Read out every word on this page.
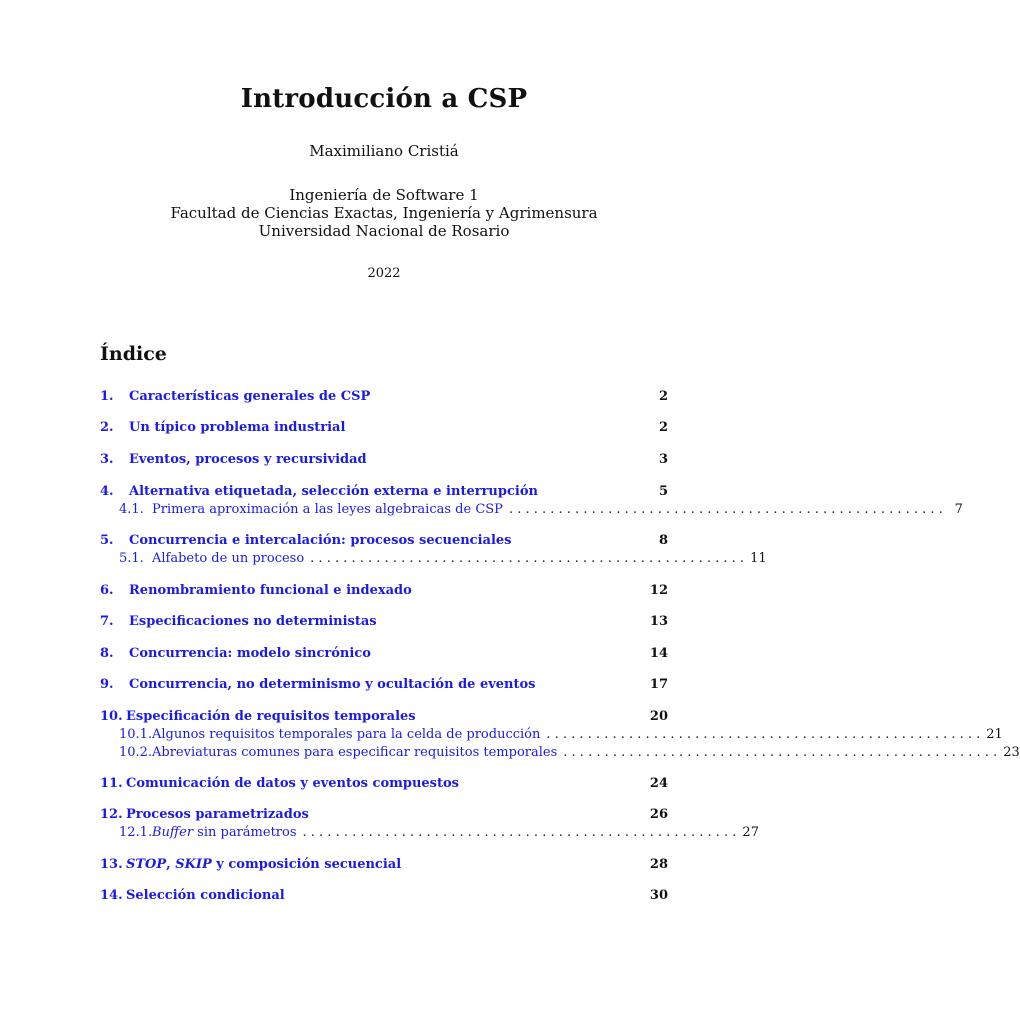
Introducción a CSP
Maximiliano Cristiá
Ingeniería de Software 1
Facultad de Ciencias Exactas, Ingeniería y Agrimensura
Universidad Nacional de Rosario
2022
Índice
1.	Características generales de CSP	2
2.	Un típico problema industrial	2
3.	Eventos, procesos y recursividad	3
4.	Alternativa etiquetada, selección externa e interrupción	5
4.1. Primera aproximación a las leyes algebraicas de CSP . . . . . . . . . . . . . . . . . . . . . . . . . . . . . . . . . . . . . . . . . . . . . . . . . . . . . 7
5.	Concurrencia e intercalación: procesos secuenciales	8
5.1. Alfabeto de un proceso . . . . . . . . . . . . . . . . . . . . . . . . . . . . . . . . . . . . . . . . . . . . . . . . . . . . . 11
6.	Renombramiento funcional e indexado	12
7.	Especificaciones no deterministas	13
8.	Concurrencia: modelo sincrónico	14
9.	Concurrencia, no determinismo y ocultación de eventos	17
10. Especificación de requisitos temporales	20
10.1. Algunos requisitos temporales para la celda de producción . . . . . . . . . . . . . . . . . . . . . . . . . . . . . . . . . . . . . . . . . . . . . . . . . . . . . 21
10.2. Abreviaturas comunes para especificar requisitos temporales . . . . . . . . . . . . . . . . . . . . . . . . . . . . . . . . . . . . . . . . . . . . . . . . . . . . . 23
11. Comunicación de datos y eventos compuestos	24
12. Procesos parametrizados	26
12.1. Buffer sin parámetros . . . . . . . . . . . . . . . . . . . . . . . . . . . . . . . . . . . . . . . . . . . . . . . . . . . . . 27
13. STOP, SKIP y composición secuencial	28
14. Selección condicional	30
